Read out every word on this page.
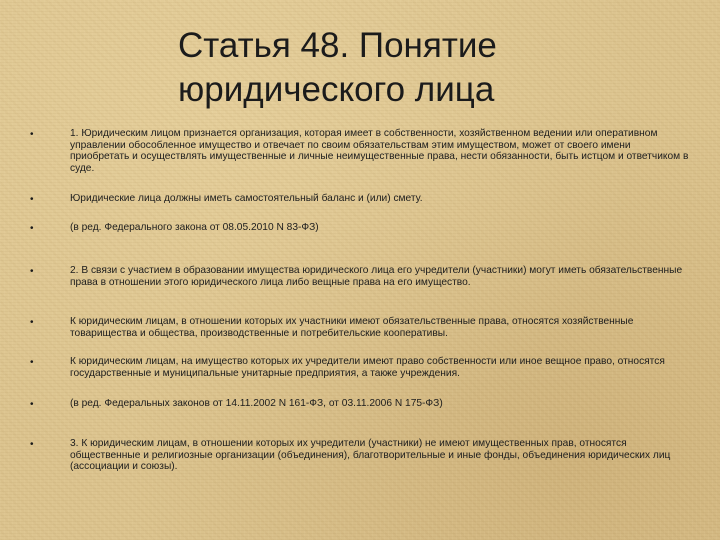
Статья 48. Понятие
юридического лица
•	1. Юридическим лицом признается организация, которая имеет в собственности, хозяйственном ведении или оперативном управлении обособленное имущество и отвечает по своим обязательствам этим имуществом, может от своего имени приобретать и осуществлять имущественные и личные неимущественные права, нести обязанности, быть истцом и ответчиком в суде.
•	Юридические лица должны иметь самостоятельный баланс и (или) смету.
•	(в ред. Федерального закона от 08.05.2010 N 83-ФЗ)
•	2. В связи с участием в образовании имущества юридического лица его учредители (участники) могут иметь обязательственные права в отношении этого юридического лица либо вещные права на его имущество.
•	К юридическим лицам, в отношении которых их участники имеют обязательственные права, относятся хозяйственные товарищества и общества, производственные и потребительские кооперативы.
•	К юридическим лицам, на имущество которых их учредители имеют право собственности или иное вещное право, относятся государственные и муниципальные унитарные предприятия, а также учреждения.
•	(в ред. Федеральных законов от 14.11.2002 N 161-ФЗ, от 03.11.2006 N 175-ФЗ)
•	3. К юридическим лицам, в отношении которых их учредители (участники) не имеют имущественных прав, относятся общественные и религиозные организации (объединения), благотворительные и иные фонды, объединения юридических лиц (ассоциации и союзы).
